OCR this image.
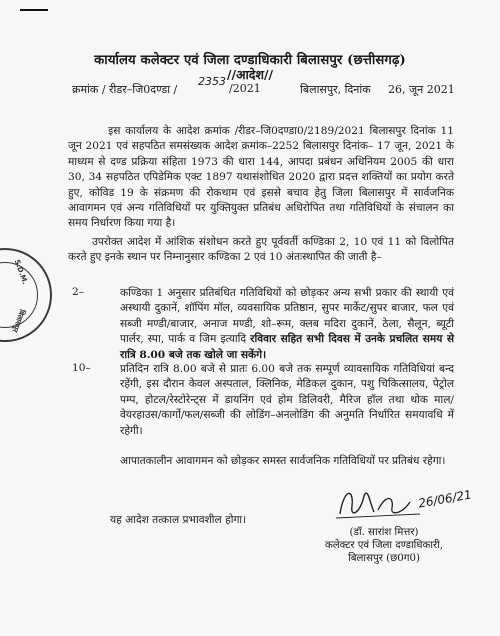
कार्यालय कलेक्टर एवं जिला दण्डाधिकारी बिलासपुर (छत्तीसगढ़)
//आदेश//
क्रमांक / रीडर–जि0दण्डा /
2353
/2021	बिलासपुर, दिनांक 26, जून 2021
इस कार्यालय के आदेश क्रमांक /रीडर–जि0दण्डा0/2189/2021 बिलासपुर दिनांक 11 जून 2021 एवं सहपठित समसंख्यक आदेश क्रमांक–2252 बिलासपुर दिनांक– 17 जून, 2021 के माध्यम से दण्ड प्रक्रिया संहिता 1973 की धारा 144, आपदा प्रबंधन अधिनियम 2005 की धारा 30, 34 सहपठित एपिडेमिक एक्ट 1897 यथासंशोधित 2020 द्वारा प्रदत्त शक्तियों का प्रयोग करते हुए, कोविड 19 के संक्रमण की रोकथाम एवं इससे बचाव हेतु जिला बिलासपुर में सार्वजनिक आवागमन एवं अन्य गतिविधियों पर युक्तियुक्त प्रतिबंध अधिरोपित तथा गतिविधियों के संचालन का समय निर्धारण किया गया है।
उपरोक्त आदेश में आंशिक संशोधन करते हुए पूर्ववर्ती कण्डिका 2, 10 एवं 11 को विलोपित करते हुए इनके स्थान पर निम्नानुसार कण्डिका 2 एवं 10 अंतःस्थापित की जाती है–
2–	कण्डिका 1 अनुसार प्रतिबंधित गतिविधियों को छोड़कर अन्य सभी प्रकार की स्थायी एवं अस्थायी दुकानें, शॉपिंग मॉल, व्यवसायिक प्रतिष्ठान, सुपर मार्केट/सुपर बाजार, फल एवं सब्जी मण्डी/बाजार, अनाज मण्डी, शो–रूम, क्लब मदिरा दुकानें, ठेला, सैलून, ब्यूटी पार्लर, स्पा, पार्क व जिम इत्यादि रविवार सहित सभी दिवस में उनके प्रचलित समय से रात्रि 8.00 बजे तक खोले जा सकेंगे।
10–	प्रतिदिन रात्रि 8.00 बजे से प्रातः 6.00 बजे तक सम्पूर्ण व्यावसायिक गतिविधियां बन्द रहेंगी, इस दौरान केवल अस्पताल, क्लिनिक, मेडिकल दुकान, पशु चिकित्सालय, पेट्रोल पम्प, होटल/रेस्टोरेन्ट्स में डायनिंग एवं होम डिलिवरी, मैरिज हॉल तथा थोक माल/वेयरहाउस/कार्गो/फल/सब्जी की लोडिंग–अनलोडिंग की अनुमति निर्धारित समयावधि में रहेगी।
आपातकालीन आवागमन को छोड़कर समस्त सार्वजनिक गतिविधियों पर प्रतिबंध रहेगा।
यह आदेश तत्काल प्रभावशील होगा।
S.D.M.
बिलासपुर
26/06/21
(डॉ. सारांश मित्तर)
कलेक्टर एवं जिला दण्डाधिकारी,
बिलासपुर (छ0ग0)
